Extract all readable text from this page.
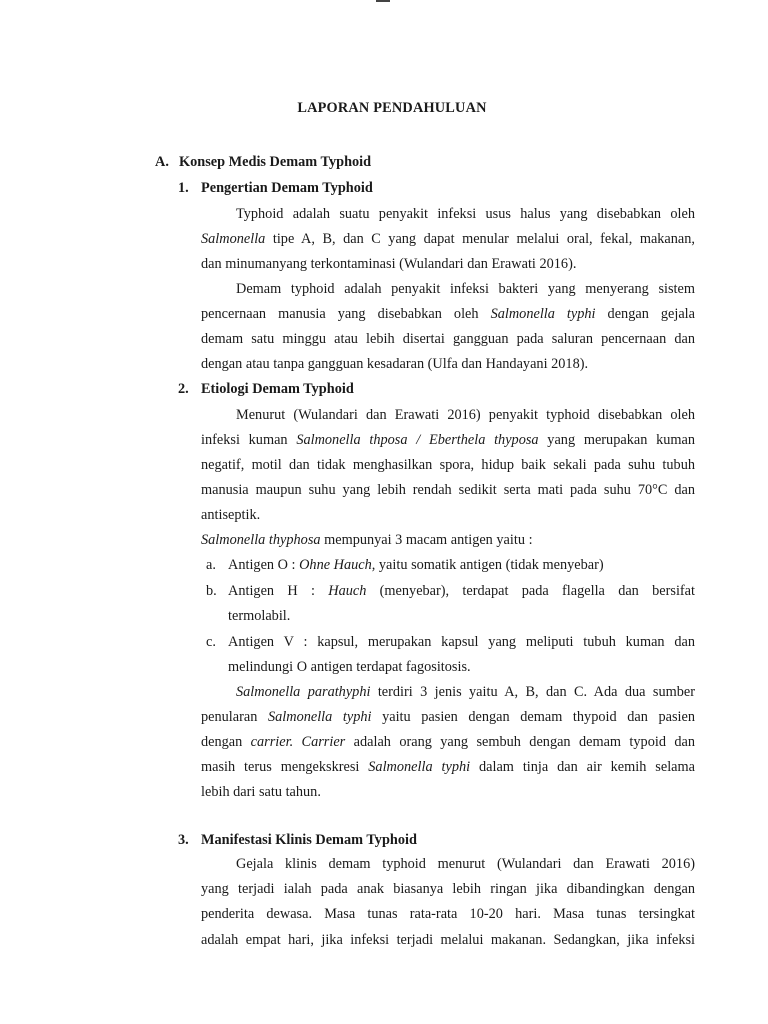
LAPORAN PENDAHULUAN
A. Konsep Medis Demam Typhoid
1. Pengertian Demam Typhoid
Typhoid adalah suatu penyakit infeksi usus halus yang disebabkan oleh
Salmonella tipe A, B, dan C yang dapat menular melalui oral, fekal, makanan,
dan minumanyang terkontaminasi (Wulandari dan Erawati 2016).
Demam typhoid adalah penyakit infeksi bakteri yang menyerang sistem
pencernaan manusia yang disebabkan oleh Salmonella typhi dengan gejala
demam satu minggu atau lebih disertai gangguan pada saluran pencernaan dan
dengan atau tanpa gangguan kesadaran (Ulfa dan Handayani 2018).
2. Etiologi Demam Typhoid
Menurut (Wulandari dan Erawati 2016) penyakit typhoid disebabkan oleh
infeksi kuman Salmonella thposa / Eberthela thyposa yang merupakan kuman
negatif, motil dan tidak menghasilkan spora, hidup baik sekali pada suhu tubuh
manusia maupun suhu yang lebih rendah sedikit serta mati pada suhu 70°C dan
antiseptik.
Salmonella thyphosa mempunyai 3 macam antigen yaitu :
a. Antigen O : Ohne Hauch, yaitu somatik antigen (tidak menyebar)
b. Antigen H : Hauch (menyebar), terdapat pada flagella dan bersifat
termolabil.
c. Antigen V : kapsul, merupakan kapsul yang meliputi tubuh kuman dan
melindungi O antigen terdapat fagositosis.
Salmonella parathyphi terdiri 3 jenis yaitu A, B, dan C. Ada dua sumber
penularan Salmonella typhi yaitu pasien dengan demam thypoid dan pasien
dengan carrier. Carrier adalah orang yang sembuh dengan demam typoid dan
masih terus mengekskresi Salmonella typhi dalam tinja dan air kemih selama
lebih dari satu tahun.
3. Manifestasi Klinis Demam Typhoid
Gejala klinis demam typhoid menurut (Wulandari dan Erawati 2016)
yang terjadi ialah pada anak biasanya lebih ringan jika dibandingkan dengan
penderita dewasa. Masa tunas rata-rata 10-20 hari. Masa tunas tersingkat
adalah empat hari, jika infeksi terjadi melalui makanan. Sedangkan, jika infeksi
